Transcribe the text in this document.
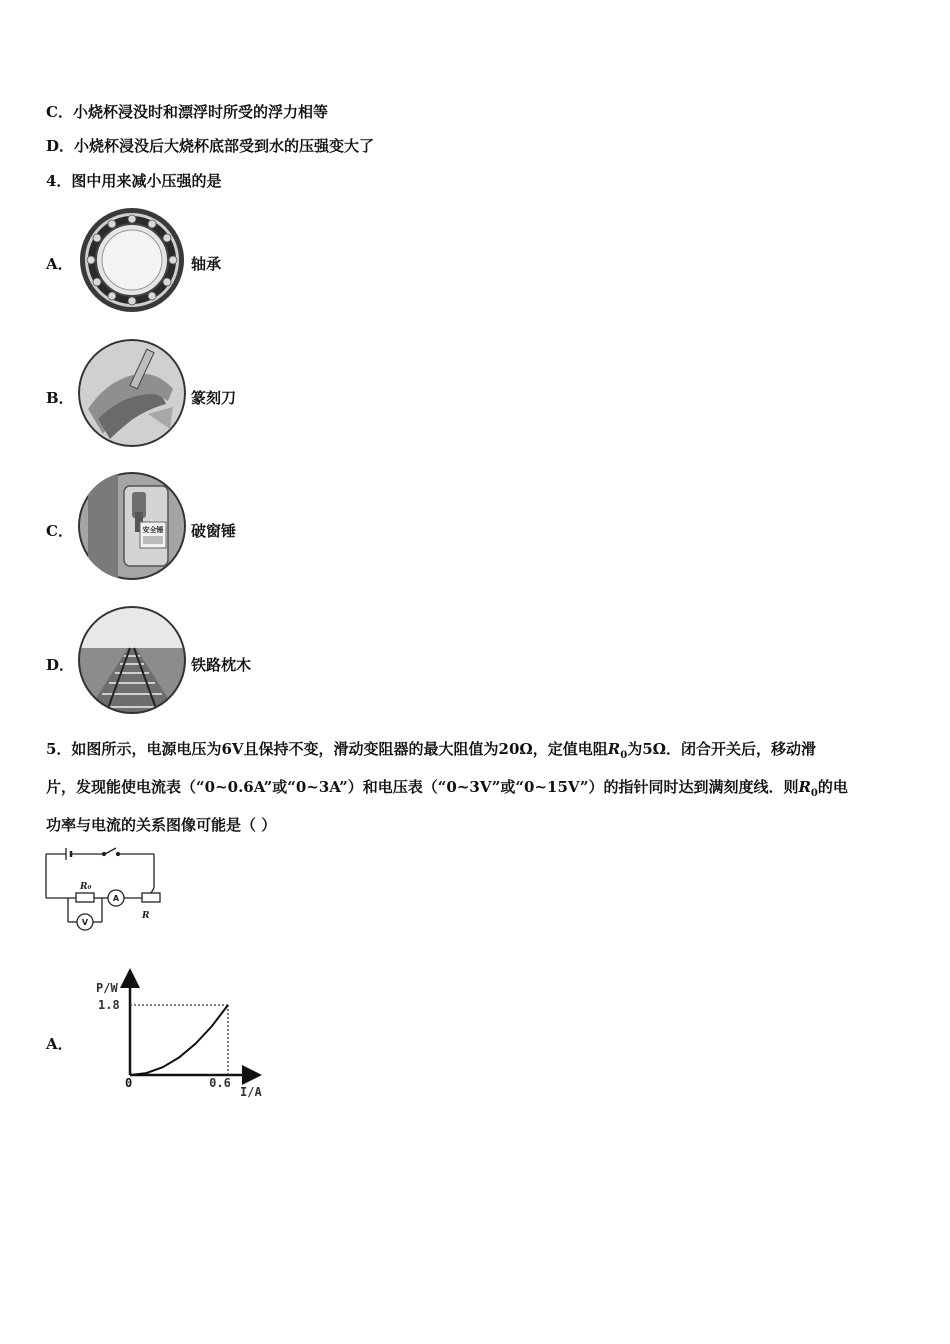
C．小烧杯浸没时和漂浮时所受的浮力相等
D．小烧杯浸没后大烧杯底部受到水的压强变大了
4．图中用来减小压强的是
A．	轴承
B．	篆刻刀
C．	安全锤 破窗锤
D．	铁路枕木
5．如图所示，电源电压为6V且保持不变，滑动变阻器的最大阻值为20Ω，定值电阻$R_0$为5Ω．闭合开关后，移动滑
片，发现能使电流表（“0~0.6A”或“0~3A”）和电压表（“0~3V”或“0~15V”）的指针同时达到满刻度线．则$R_0$的电
功率与电流的关系图像可能是（ ）
R₀
A
V
R
A．
P/W
1.8
0	0.6
I/A
